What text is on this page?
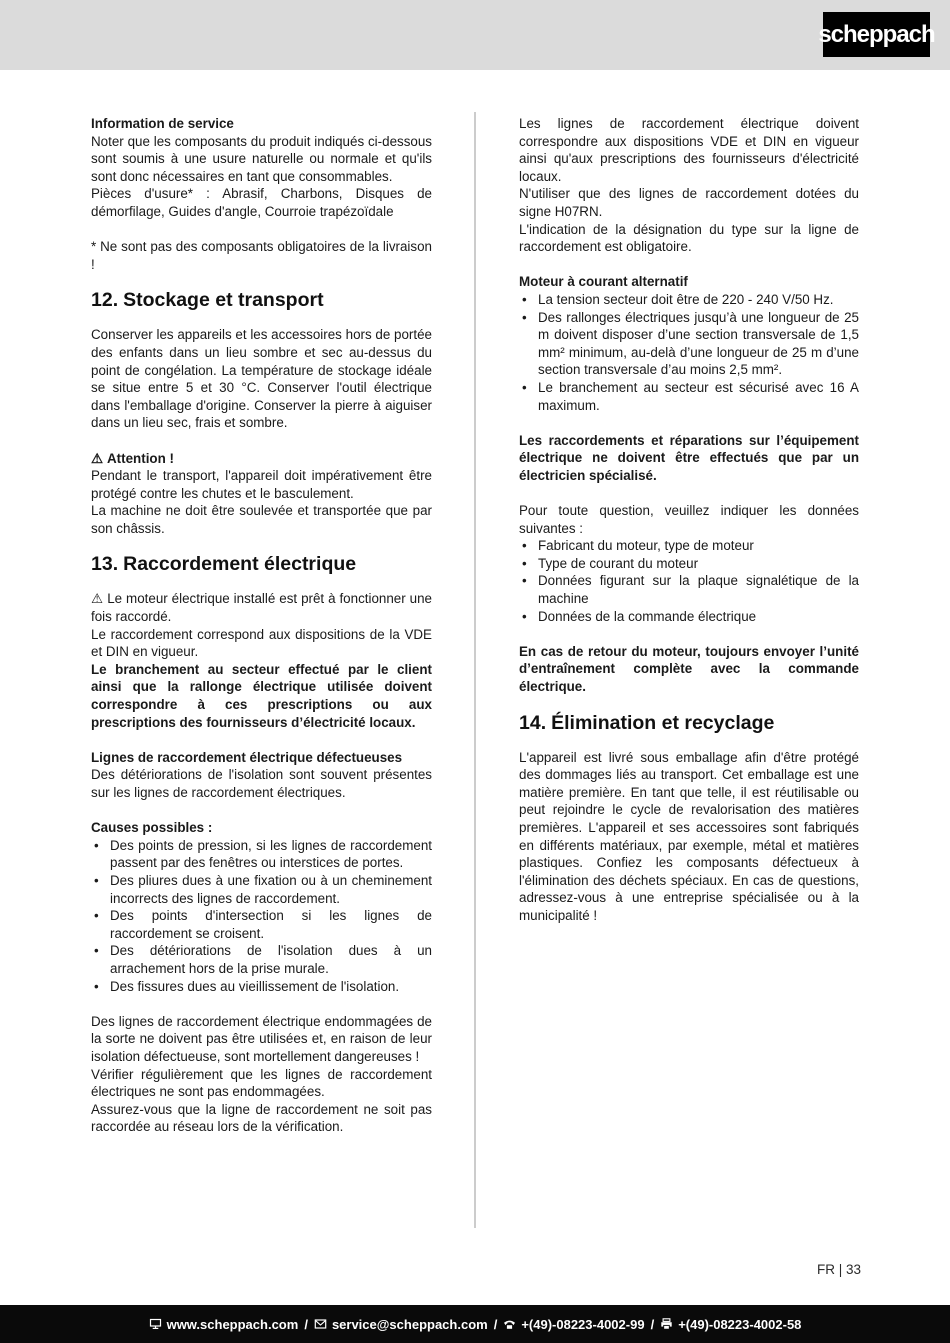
scheppach

Information de service

Noter que les composants du produit indiqués ci-dessous sont soumis à une usure naturelle ou normale et qu'ils sont donc nécessaires en tant que consommables.

Pièces d'usure* : Abrasif, Charbons, Disques de démorfilage, Guides d'angle, Courroie trapézoïdale

* Ne sont pas des composants obligatoires de la livraison !

12. Stockage et transport

Conserver les appareils et les accessoires hors de portée des enfants dans un lieu sombre et sec au-dessus du point de congélation. La température de stockage idéale se situe entre 5 et 30 °C. Conserver l'outil électrique dans l'emballage d'origine. Conserver la pierre à aiguiser dans un lieu sec, frais et sombre.

⚠ Attention !

Pendant le transport, l'appareil doit impérativement être protégé contre les chutes et le basculement.

La machine ne doit être soulevée et transportée que par son châssis.

13.Raccordement électrique

⚠ Le moteur électrique installé est prêt à fonctionner une fois raccordé.

Le raccordement correspond aux dispositions de la VDE et DIN en vigueur.

Le branchement au secteur effectué par le client ainsi que la rallonge électrique utilisée doivent correspondre à ces prescriptions ou aux prescriptions des fournisseurs d’électricité locaux.

Lignes de raccordement électrique défectueuses

Des détériorations de l'isolation sont souvent présentes sur les lignes de raccordement électriques.

Causes possibles :

• Des points de pression, si les lignes de raccordement passent par des fenêtres ou interstices de portes.
• Des pliures dues à une fixation ou à un cheminement incorrects des lignes de raccordement.
• Des points d'intersection si les lignes de raccordement se croisent.
• Des détériorations de l'isolation dues à un arrachement hors de la prise murale.
• Des fissures dues au vieillissement de l'isolation.

Des lignes de raccordement électrique endommagées de la sorte ne doivent pas être utilisées et, en raison de leur isolation défectueuse, sont mortellement dangereuses !

Vérifier régulièrement que les lignes de raccordement électriques ne sont pas endommagées.

Assurez-vous que la ligne de raccordement ne soit pas raccordée au réseau lors de la vérification.

Les lignes de raccordement électrique doivent correspondre aux dispositions VDE et DIN en vigueur ainsi qu'aux prescriptions des fournisseurs d'électricité locaux.

N'utiliser que des lignes de raccordement dotées du signe H07RN.

L'indication de la désignation du type sur la ligne de raccordement est obligatoire.

Moteur à courant alternatif

• La tension secteur doit être de 220 - 240 V/50 Hz.
• Des rallonges électriques jusqu’à une longueur de 25 m doivent disposer d’une section transversale de 1,5 mm² minimum, au-delà d’une longueur de 25 m d’une section transversale d’au moins 2,5 mm².
• Le branchement au secteur est sécurisé avec 16 A maximum.

Les raccordements et réparations sur l’équipement électrique ne doivent être effectués que par un électricien spécialisé.

Pour toute question, veuillez indiquer les données suivantes :

• Fabricant du moteur, type de moteur
• Type de courant du moteur
• Données figurant sur la plaque signalétique de la machine
• Données de la commande électrique

En cas de retour du moteur, toujours envoyer l’unité d’entraînement complète avec la commande électrique.

14. Élimination et recyclage

L'appareil est livré sous emballage afin d'être protégé des dommages liés au transport. Cet emballage est une matière première. En tant que telle, il est réutilisable ou peut rejoindre le cycle de revalorisation des matières premières. L'appareil et ses accessoires sont fabriqués en différents matériaux, par exemple, métal et matières plastiques. Confiez les composants défectueux à l'élimination des déchets spéciaux. En cas de questions, adressez-vous à une entreprise spécialisée ou à la municipalité !

FR | 33
www.scheppach.com / service@scheppach.com / +(49)-08223-4002-99 / +(49)-08223-4002-58
